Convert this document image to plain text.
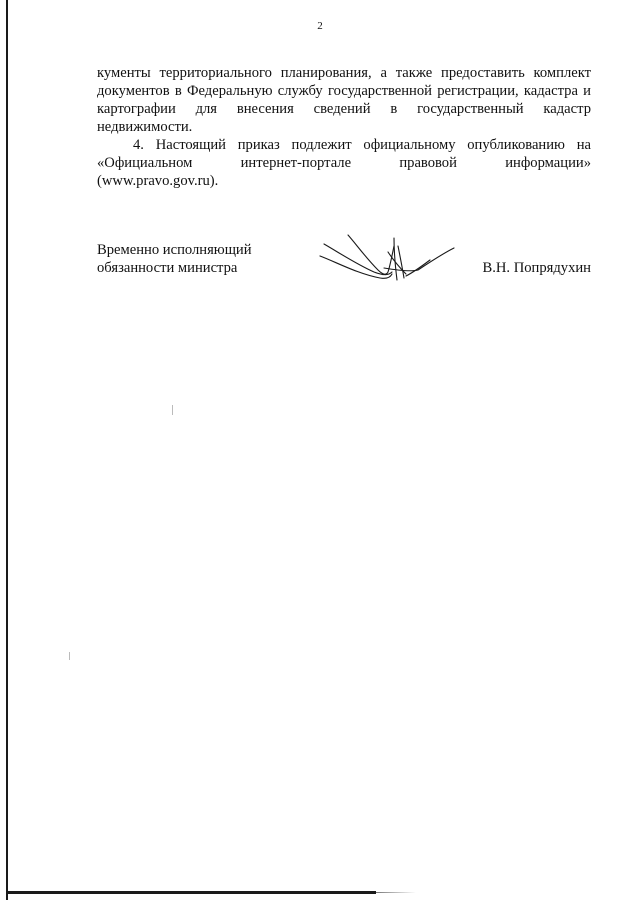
2

кументы территориального планирования, а также предоставить комплект документов в Федеральную службу государственной регистрации, кадастра и картографии для внесения сведений в государственный кадастр недвижимости.

4. Настоящий приказ подлежит официальному опубликованию на «Официальном интернет-портале правовой информации»

(www.pravo.gov.ru).
Временно исполняющий
обязанности министра	В.Н. Попрядухин
